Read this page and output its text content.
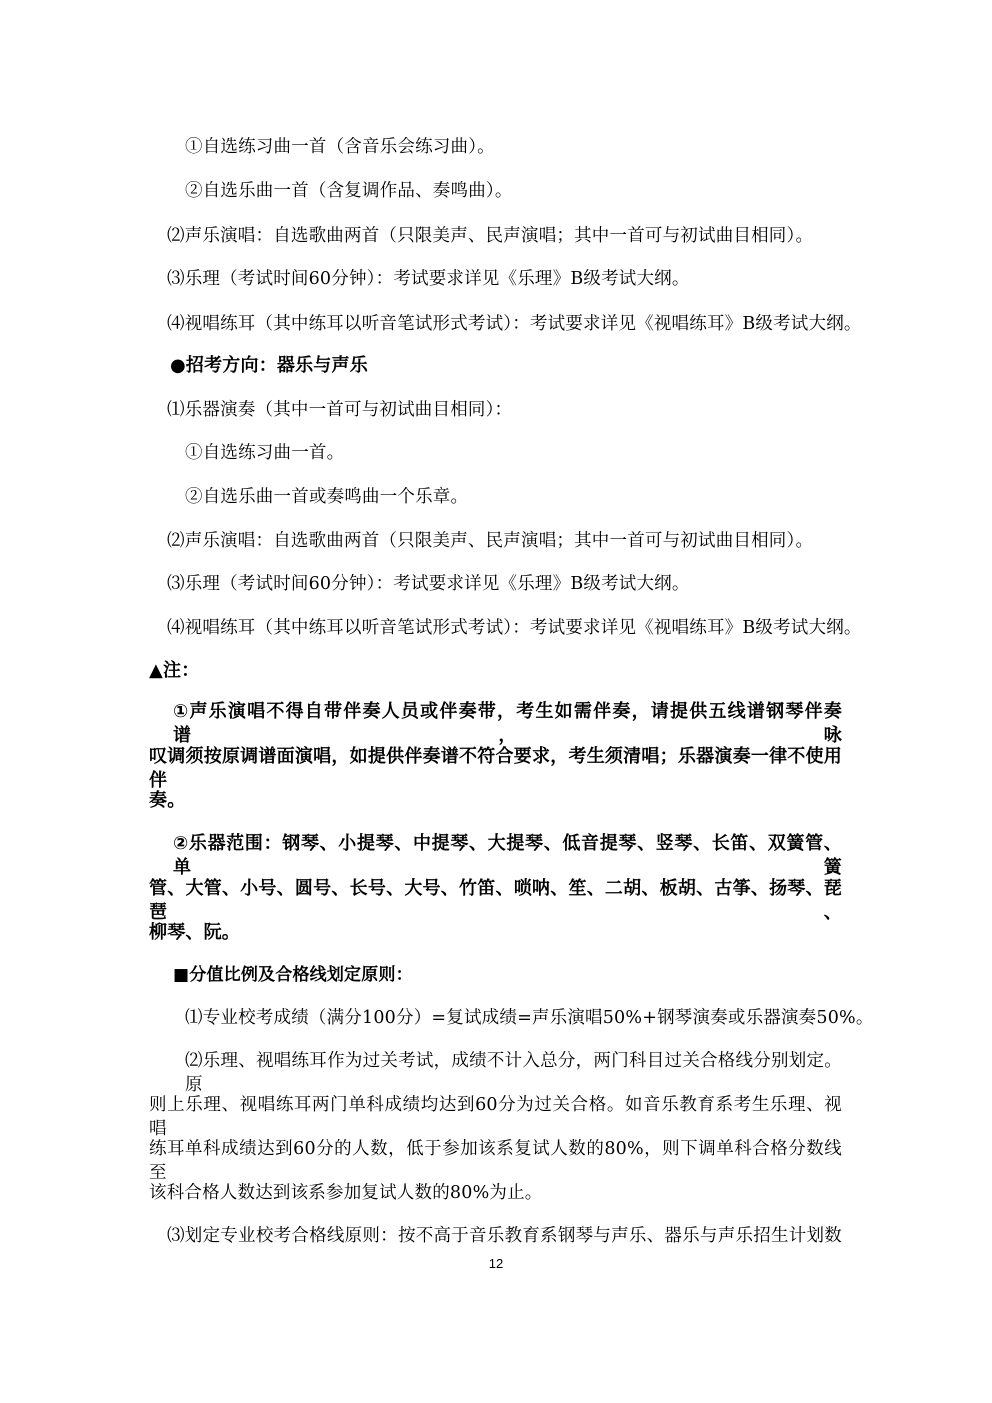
①自选练习曲一首（含音乐会练习曲）。
②自选乐曲一首（含复调作品、奏鸣曲）。
⑵声乐演唱：自选歌曲两首（只限美声、民声演唱；其中一首可与初试曲目相同）。
⑶乐理（考试时间60分钟）：考试要求详见《乐理》B级考试大纲。
⑷视唱练耳（其中练耳以听音笔试形式考试）：考试要求详见《视唱练耳》B级考试大纲。
●招考方向：器乐与声乐
⑴乐器演奏（其中一首可与初试曲目相同）：
①自选练习曲一首。
②自选乐曲一首或奏鸣曲一个乐章。
⑵声乐演唱：自选歌曲两首（只限美声、民声演唱；其中一首可与初试曲目相同）。
⑶乐理（考试时间60分钟）：考试要求详见《乐理》B级考试大纲。
⑷视唱练耳（其中练耳以听音笔试形式考试）：考试要求详见《视唱练耳》B级考试大纲。
▲注：
①声乐演唱不得自带伴奏人员或伴奏带，考生如需伴奏，请提供五线谱钢琴伴奏谱，咏
叹调须按原调谱面演唱，如提供伴奏谱不符合要求，考生须清唱；乐器演奏一律不使用伴
奏。
②乐器范围：钢琴、小提琴、中提琴、大提琴、低音提琴、竖琴、长笛、双簧管、单簧
管、大管、小号、圆号、长号、大号、竹笛、唢呐、笙、二胡、板胡、古筝、扬琴、琵琶、
柳琴、阮。
■分值比例及合格线划定原则：
⑴专业校考成绩（满分100分）=复试成绩=声乐演唱50%+钢琴演奏或乐器演奏50%。
⑵乐理、视唱练耳作为过关考试，成绩不计入总分，两门科目过关合格线分别划定。原
则上乐理、视唱练耳两门单科成绩均达到60分为过关合格。如音乐教育系考生乐理、视唱
练耳单科成绩达到60分的人数，低于参加该系复试人数的80%，则下调单科合格分数线至
该科合格人数达到该系参加复试人数的80%为止。
⑶划定专业校考合格线原则：按不高于音乐教育系钢琴与声乐、器乐与声乐招生计划数
12
